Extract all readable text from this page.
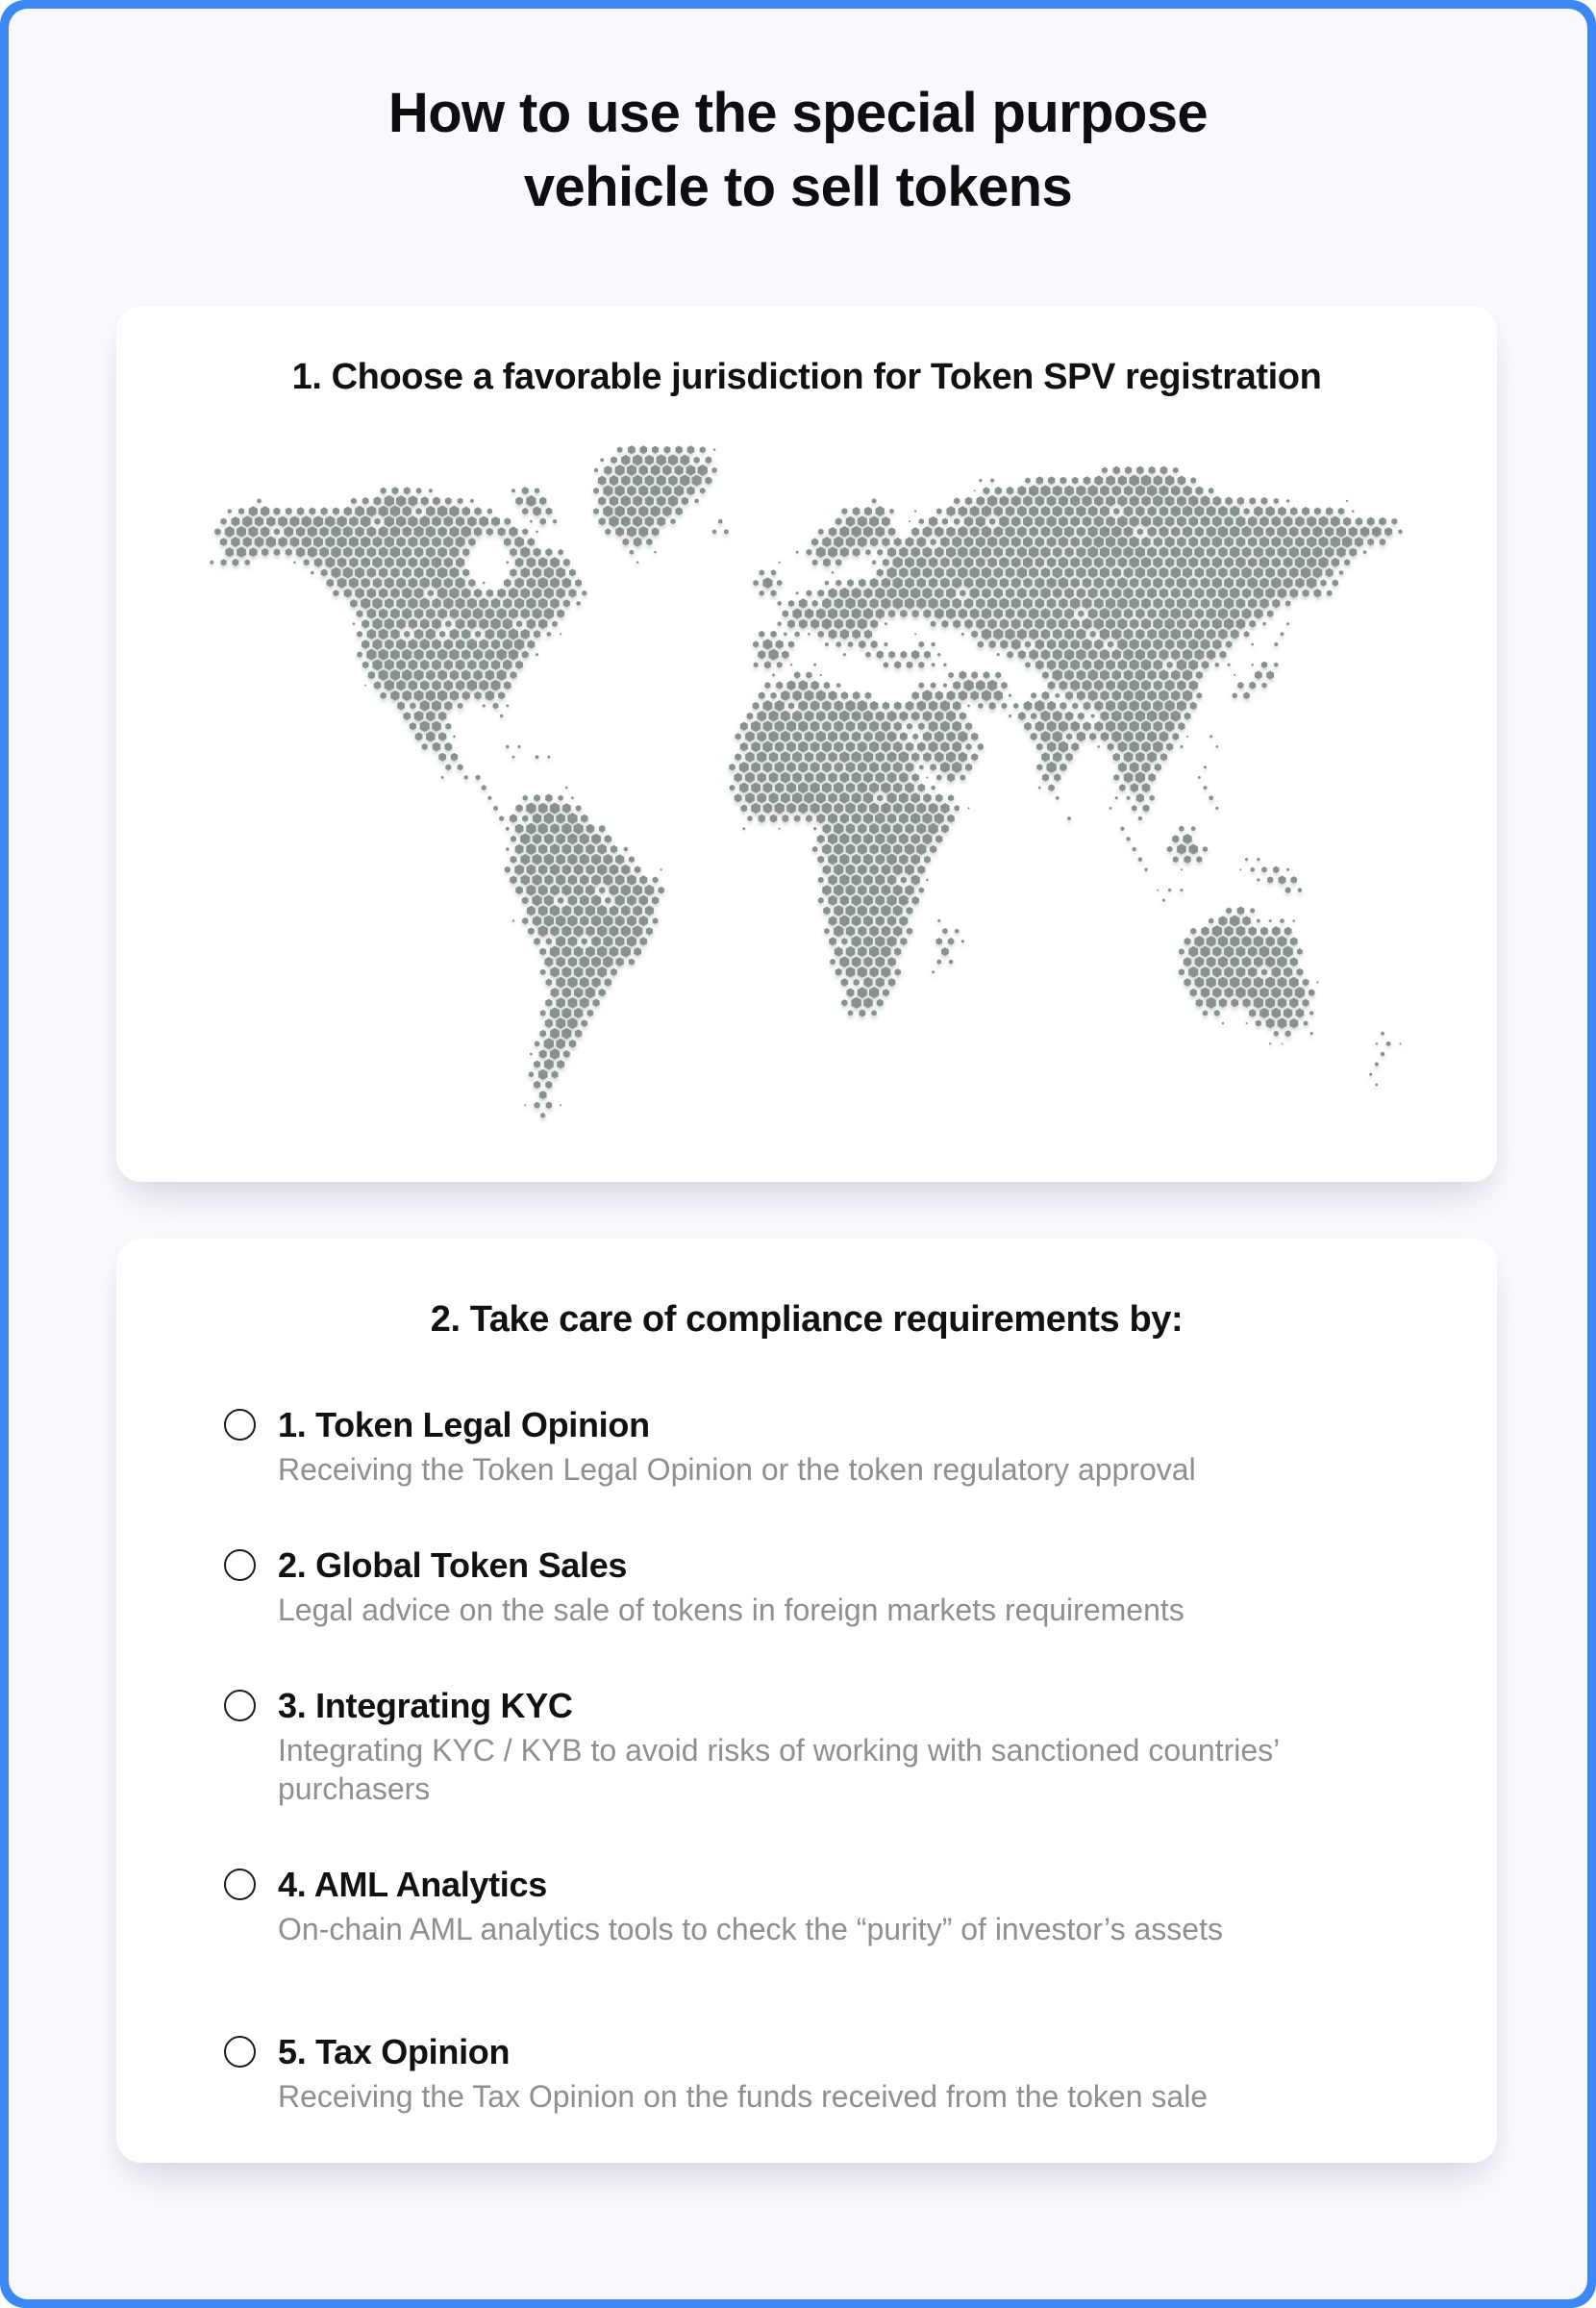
How to use the special purpose
vehicle to sell tokens
1. Choose a favorable jurisdiction for Token SPV registration
2. Take care of compliance requirements by:
1. Token Legal Opinion
Receiving the Token Legal Opinion or the token regulatory approval
2. Global Token Sales
Legal advice on the sale of tokens in foreign markets requirements
3. Integrating KYC
Integrating KYC / KYB to avoid risks of working with sanctioned countries’ purchasers
4. AML Analytics
On-chain AML analytics tools to check the “purity” of investor’s assets
5. Tax Opinion
Receiving the Tax Opinion on the funds received from the token sale
